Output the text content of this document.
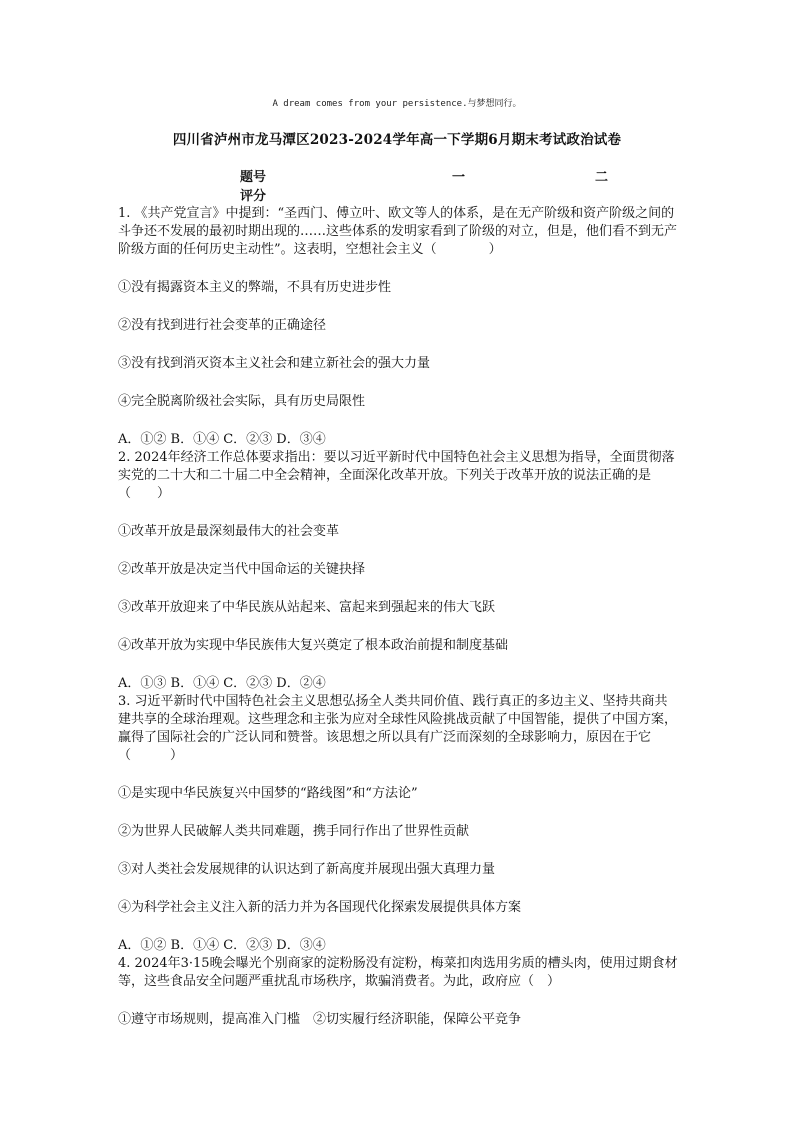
A dream comes from your persistence.与梦想同行。
四川省泸州市龙马潭区2023-2024学年高一下学期6月期末考试政治试卷
题号	一	二
评分

1. 《共产党宣言》中提到：“圣西门、傅立叶、欧文等人的体系，是在无产阶级和资产阶级之间的斗争还不发展的最初时期出现的……这些体系的发明家看到了阶级的对立，但是，他们看不到无产阶级方面的任何历史主动性”。这表明，空想社会主义（　　　　）

①没有揭露资本主义的弊端，不具有历史进步性

②没有找到进行社会变革的正确途径

③没有找到消灭资本主义社会和建立新社会的强大力量

④完全脱离阶级社会实际，具有历史局限性

A．①② B．①④ C．②③ D．③④

2. 2024年经济工作总体要求指出：要以习近平新时代中国特色社会主义思想为指导，全面贯彻落实党的二十大和二十届二中全会精神，全面深化改革开放。下列关于改革开放的说法正确的是（　　）

①改革开放是最深刻最伟大的社会变革

②改革开放是决定当代中国命运的关键抉择

③改革开放迎来了中华民族从站起来、富起来到强起来的伟大飞跃

④改革开放为实现中华民族伟大复兴奠定了根本政治前提和制度基础

A．①③ B．①④ C．②③ D．②④

3. 习近平新时代中国特色社会主义思想弘扬全人类共同价值、践行真正的多边主义、坚持共商共建共享的全球治理观。这些理念和主张为应对全球性风险挑战贡献了中国智能，提供了中国方案，赢得了国际社会的广泛认同和赞誉。该思想之所以具有广泛而深刻的全球影响力，原因在于它（　　　）

①是实现中华民族复兴中国梦的“路线图”和“方法论”

②为世界人民破解人类共同难题，携手同行作出了世界性贡献

③对人类社会发展规律的认识达到了新高度并展现出强大真理力量

④为科学社会主义注入新的活力并为各国现代化探索发展提供具体方案

A．①② B．①④ C．②③ D．③④

4. 2024年3·15晚会曝光个别商家的淀粉肠没有淀粉，梅菜扣肉选用劣质的槽头肉，使用过期食材等，这些食品安全问题严重扰乱市场秩序，欺骗消费者。为此，政府应（　）

①遵守市场规则，提高准入门槛　②切实履行经济职能，保障公平竞争
